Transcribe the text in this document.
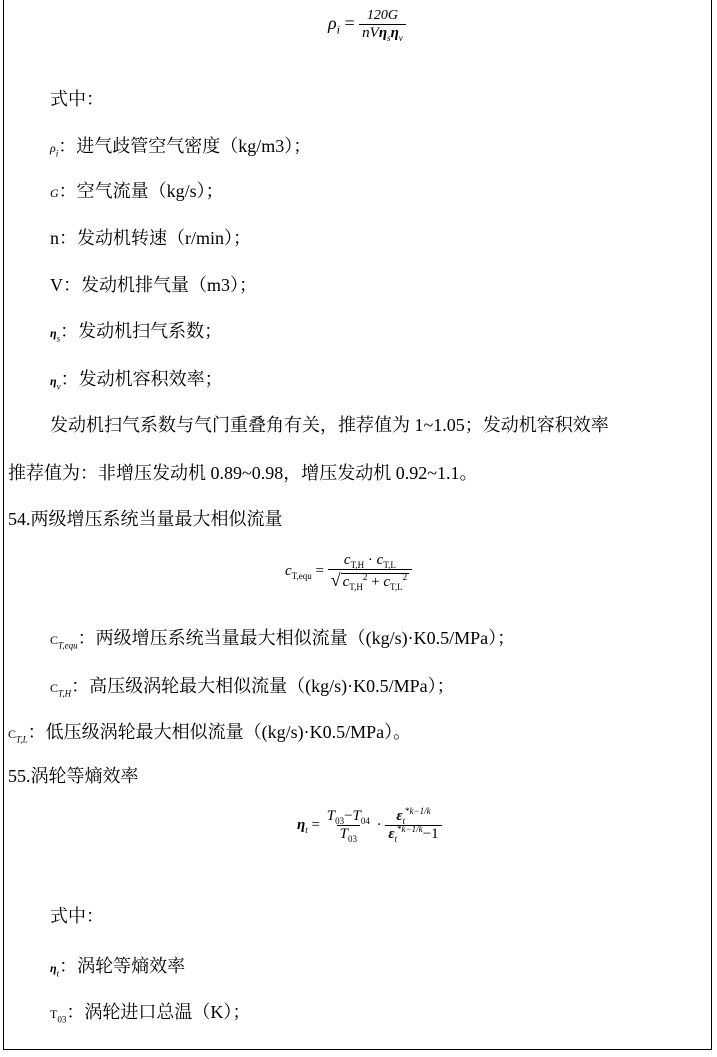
$\rho_i = \frac{120G}{nV\eta_s\eta_v}$
式中：
$\rho_i$：进气歧管空气密度（kg/m3）；
G：空气流量（kg/s）；
n：发动机转速（r/min）；
V：发动机排气量（m3）；
$\eta_s$：发动机扫气系数；
$\eta_v$：发动机容积效率；
发动机扫气系数与气门重叠角有关，推荐值为 1~1.05；发动机容积效率
推荐值为：非增压发动机 0.89~0.98，增压发动机 0.92~1.1。
54.两级增压系统当量最大相似流量
$c_{T,equ} = \frac{c_{T,H} \cdot c_{T,L}}{√ c_{T,H}^2 + c_{T,L}^2}$
$C_{T,equ}$：两级增压系统当量最大相似流量（(kg/s)·K0.5/MPa）；
$C_{T,H}$：高压级涡轮最大相似流量（(kg/s)·K0.5/MPa）；
$C_{T,L}$：低压级涡轮最大相似流量（(kg/s)·K0.5/MPa）。
55.涡轮等熵效率
$\eta_t = \frac{T_{03}-T_{04}}{T_{03}} \cdot \frac{\varepsilon_t^{*k-1/k}}{\varepsilon_t^{*k-1/k}-1}$
式中：
$\eta_t$：涡轮等熵效率
$T_{03}$：涡轮进口总温（K）；
